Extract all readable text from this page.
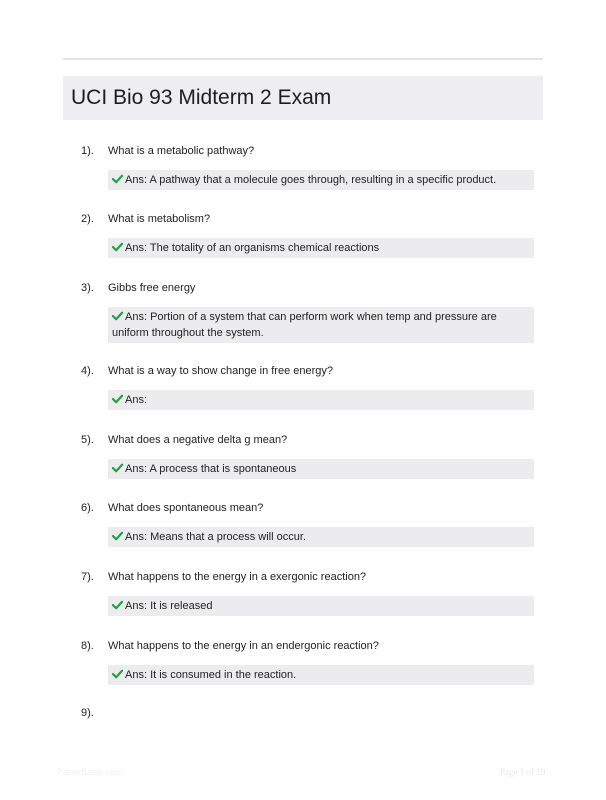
UCI Bio 93 Midterm 2 Exam
1). What is a metabolic pathway?
Ans: A pathway that a molecule goes through, resulting in a specific product.
2). What is metabolism?
Ans: The totality of an organisms chemical reactions
3). Gibbs free energy
Ans: Portion of a system that can perform work when temp and pressure are uniform throughout the system.
4). What is a way to show change in free energy?
Ans:
5). What does a negative delta g mean?
Ans: A process that is spontaneous
6). What does spontaneous mean?
Ans: Means that a process will occur.
7). What happens to the energy in a exergonic reaction?
Ans: It is released
8). What happens to the energy in an endergonic reaction?
Ans: It is consumed in the reaction.
9).
PaperBasic.com	Page 1 of 19
